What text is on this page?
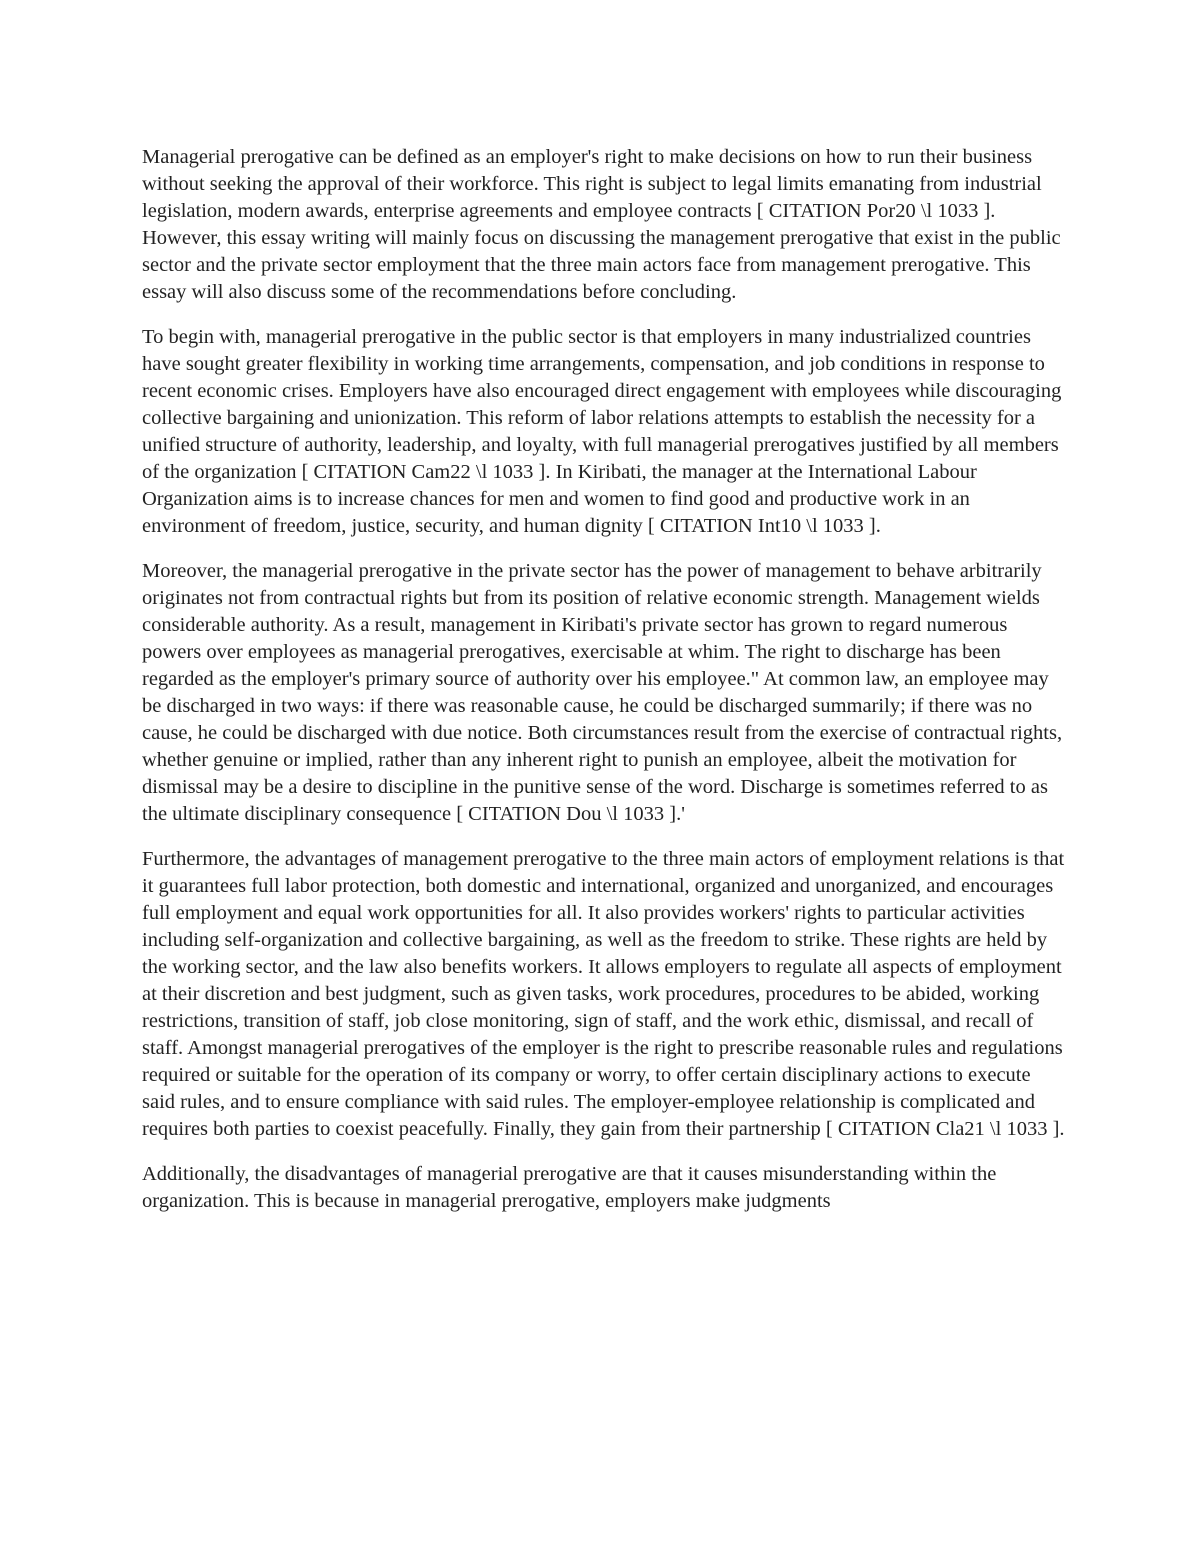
Managerial prerogative can be defined as an employer's right to make decisions on how to run their business without seeking the approval of their workforce. This right is subject to legal limits emanating from industrial legislation, modern awards, enterprise agreements and employee contracts [ CITATION Por20 \l 1033 ]. However, this essay writing will mainly focus on discussing the management prerogative that exist in the public sector and the private sector employment that the three main actors face from management prerogative. This essay will also discuss some of the recommendations before concluding.

To begin with, managerial prerogative in the public sector is that employers in many industrialized countries have sought greater flexibility in working time arrangements, compensation, and job conditions in response to recent economic crises. Employers have also encouraged direct engagement with employees while discouraging collective bargaining and unionization. This reform of labor relations attempts to establish the necessity for a unified structure of authority, leadership, and loyalty, with full managerial prerogatives justified by all members of the organization [ CITATION Cam22 \l 1033 ]. In Kiribati, the manager at the International Labour Organization aims is to increase chances for men and women to find good and productive work in an environment of freedom, justice, security, and human dignity [ CITATION Int10 \l 1033 ].

Moreover, the managerial prerogative in the private sector has the power of management to behave arbitrarily originates not from contractual rights but from its position of relative economic strength. Management wields considerable authority. As a result, management in Kiribati's private sector has grown to regard numerous powers over employees as managerial prerogatives, exercisable at whim. The right to discharge has been regarded as the employer's primary source of authority over his employee." At common law, an employee may be discharged in two ways: if there was reasonable cause, he could be discharged summarily; if there was no cause, he could be discharged with due notice. Both circumstances result from the exercise of contractual rights, whether genuine or implied, rather than any inherent right to punish an employee, albeit the motivation for dismissal may be a desire to discipline in the punitive sense of the word. Discharge is sometimes referred to as the ultimate disciplinary consequence [ CITATION Dou \l 1033 ].'

Furthermore, the advantages of management prerogative to the three main actors of employment relations is that it guarantees full labor protection, both domestic and international, organized and unorganized, and encourages full employment and equal work opportunities for all. It also provides workers' rights to particular activities including self-organization and collective bargaining, as well as the freedom to strike. These rights are held by the working sector, and the law also benefits workers. It allows employers to regulate all aspects of employment at their discretion and best judgment, such as given tasks, work procedures, procedures to be abided, working restrictions, transition of staff, job close monitoring, sign of staff, and the work ethic, dismissal, and recall of staff. Amongst managerial prerogatives of the employer is the right to prescribe reasonable rules and regulations required or suitable for the operation of its company or worry, to offer certain disciplinary actions to execute said rules, and to ensure compliance with said rules. The employer-employee relationship is complicated and requires both parties to coexist peacefully. Finally, they gain from their partnership [ CITATION Cla21 \l 1033 ].

Additionally, the disadvantages of managerial prerogative are that it causes misunderstanding within the organization. This is because in managerial prerogative, employers make judgments
